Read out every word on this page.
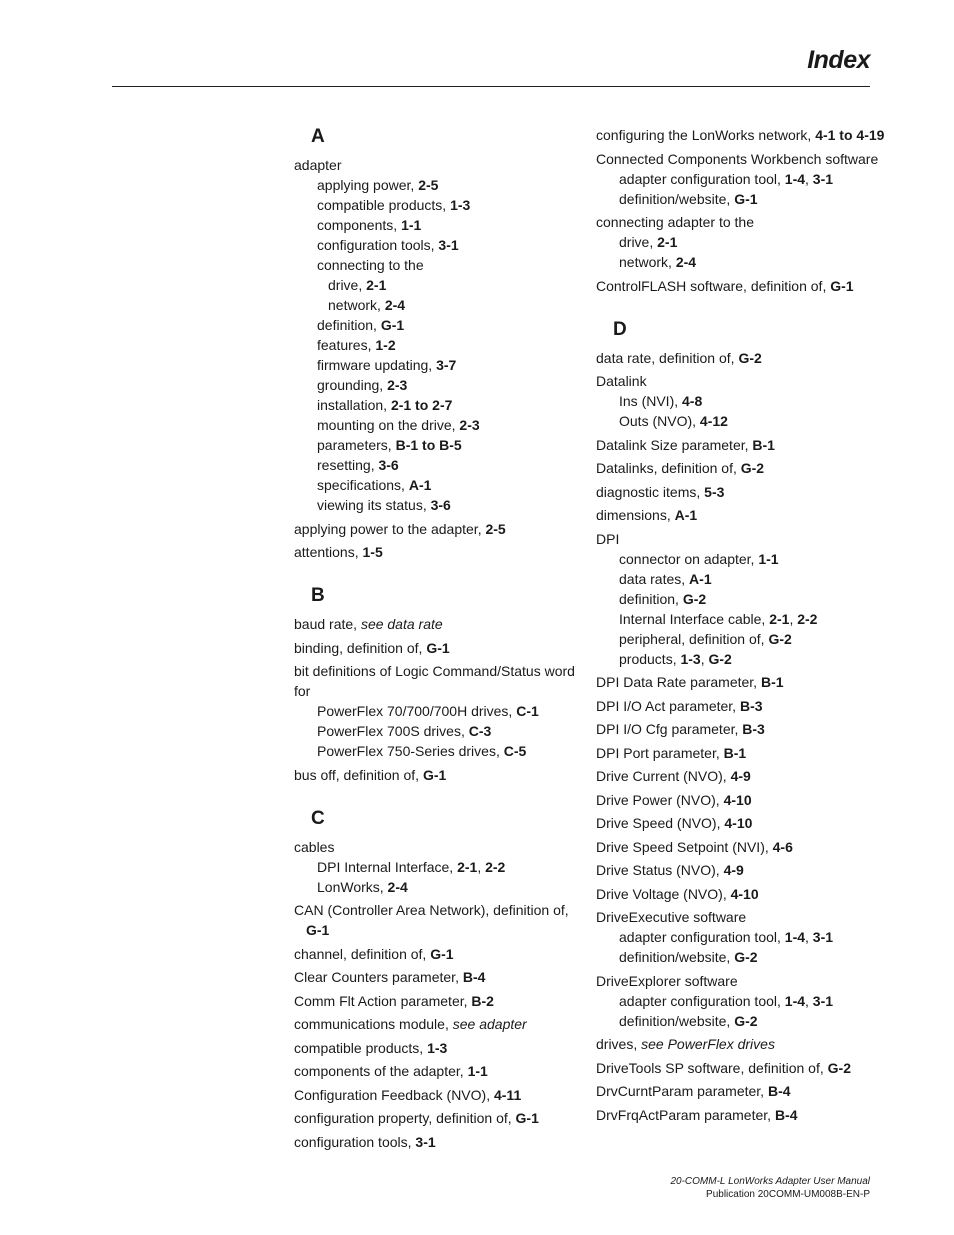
Index
A
adapter
applying power, 2-5
compatible products, 1-3
components, 1-1
configuration tools, 3-1
connecting to the
drive, 2-1
network, 2-4
definition, G-1
features, 1-2
firmware updating, 3-7
grounding, 2-3
installation, 2-1 to 2-7
mounting on the drive, 2-3
parameters, B-1 to B-5
resetting, 3-6
specifications, A-1
viewing its status, 3-6
applying power to the adapter, 2-5
attentions, 1-5
B
baud rate, see data rate
binding, definition of, G-1
bit definitions of Logic Command/Status word for
PowerFlex 70/700/700H drives, C-1
PowerFlex 700S drives, C-3
PowerFlex 750-Series drives, C-5
bus off, definition of, G-1
C
cables
DPI Internal Interface, 2-1, 2-2
LonWorks, 2-4
CAN (Controller Area Network), definition of, G-1
channel, definition of, G-1
Clear Counters parameter, B-4
Comm Flt Action parameter, B-2
communications module, see adapter
compatible products, 1-3
components of the adapter, 1-1
Configuration Feedback (NVO), 4-11
configuration property, definition of, G-1
configuration tools, 3-1
configuring the LonWorks network, 4-1 to 4-19
Connected Components Workbench software
adapter configuration tool, 1-4, 3-1
definition/website, G-1
connecting adapter to the
drive, 2-1
network, 2-4
ControlFLASH software, definition of, G-1
D
data rate, definition of, G-2
Datalink
Ins (NVI), 4-8
Outs (NVO), 4-12
Datalink Size parameter, B-1
Datalinks, definition of, G-2
diagnostic items, 5-3
dimensions, A-1
DPI
connector on adapter, 1-1
data rates, A-1
definition, G-2
Internal Interface cable, 2-1, 2-2
peripheral, definition of, G-2
products, 1-3, G-2
DPI Data Rate parameter, B-1
DPI I/O Act parameter, B-3
DPI I/O Cfg parameter, B-3
DPI Port parameter, B-1
Drive Current (NVO), 4-9
Drive Power (NVO), 4-10
Drive Speed (NVO), 4-10
Drive Speed Setpoint (NVI), 4-6
Drive Status (NVO), 4-9
Drive Voltage (NVO), 4-10
DriveExecutive software
adapter configuration tool, 1-4, 3-1
definition/website, G-2
DriveExplorer software
adapter configuration tool, 1-4, 3-1
definition/website, G-2
drives, see PowerFlex drives
DriveTools SP software, definition of, G-2
DrvCurntParam parameter, B-4
DrvFrqActParam parameter, B-4
20-COMM-L LonWorks Adapter User Manual
Publication 20COMM-UM008B-EN-P
